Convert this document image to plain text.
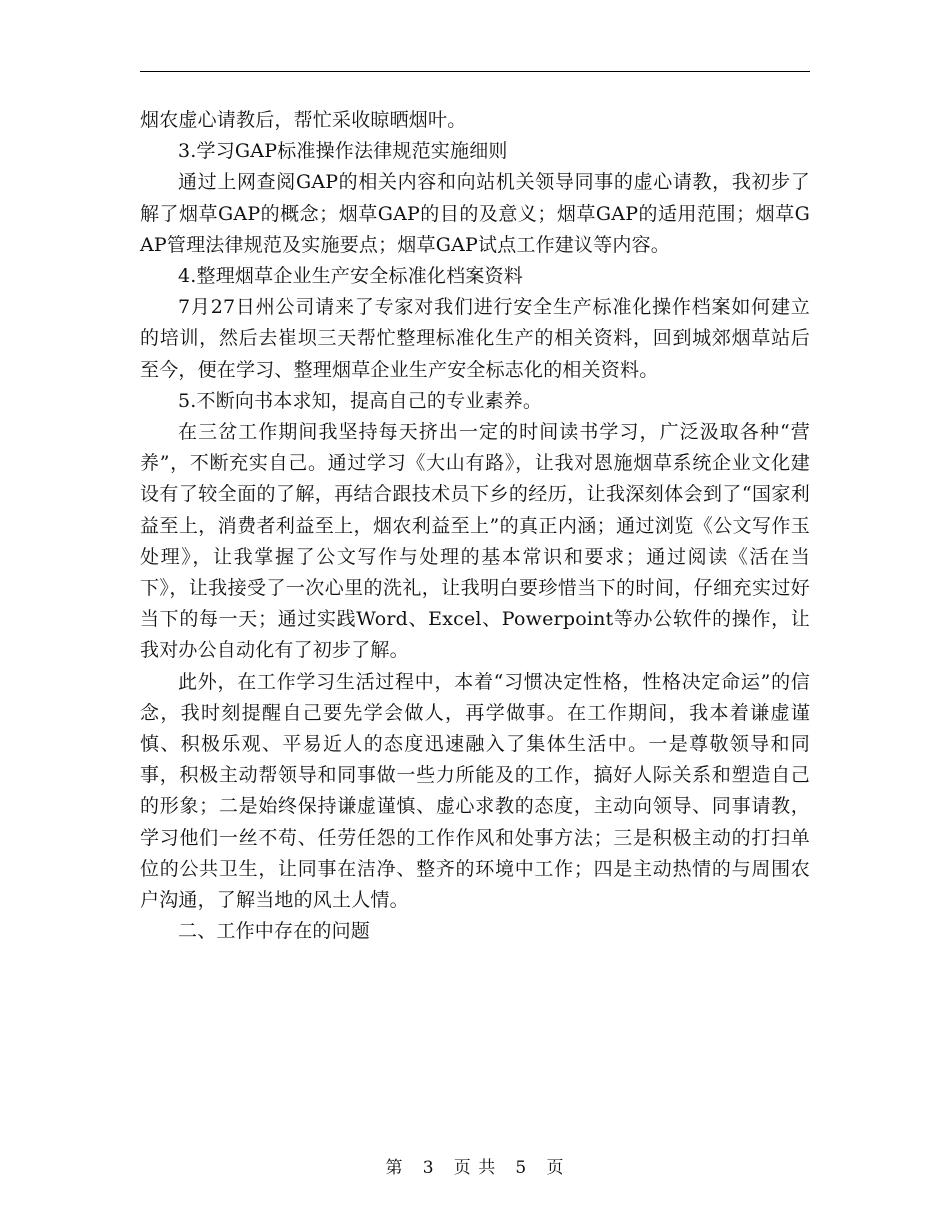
烟农虚心请教后，帮忙采收晾晒烟叶。

3.学习GAP标准操作法律规范实施细则

通过上网查阅GAP的相关内容和向站机关领导同事的虚心请教，我初步了解了烟草GAP的概念；烟草GAP的目的及意义；烟草GAP的适用范围；烟草GAP管理法律规范及实施要点；烟草GAP试点工作建议等内容。

4.整理烟草企业生产安全标准化档案资料

7月27日州公司请来了专家对我们进行安全生产标准化操作档案如何建立的培训，然后去崔坝三天帮忙整理标准化生产的相关资料，回到城郊烟草站后至今，便在学习、整理烟草企业生产安全标志化的相关资料。

5.不断向书本求知，提高自己的专业素养。

在三岔工作期间我坚持每天挤出一定的时间读书学习，广泛汲取各种“营养”，不断充实自己。通过学习《大山有路》，让我对恩施烟草系统企业文化建设有了较全面的了解，再结合跟技术员下乡的经历，让我深刻体会到了“国家利益至上，消费者利益至上，烟农利益至上”的真正内涵；通过浏览《公文写作玉处理》，让我掌握了公文写作与处理的基本常识和要求；通过阅读《活在当下》，让我接受了一次心里的洗礼，让我明白要珍惜当下的时间，仔细充实过好当下的每一天；通过实践Word、Excel、Powerpoint等办公软件的操作，让我对办公自动化有了初步了解。

此外，在工作学习生活过程中，本着“习惯决定性格，性格决定命运”的信念，我时刻提醒自己要先学会做人，再学做事。在工作期间，我本着谦虚谨慎、积极乐观、平易近人的态度迅速融入了集体生活中。一是尊敬领导和同事，积极主动帮领导和同事做一些力所能及的工作，搞好人际关系和塑造自己的形象；二是始终保持谦虚谨慎、虚心求教的态度，主动向领导、同事请教，学习他们一丝不苟、任劳任怨的工作作风和处事方法；三是积极主动的打扫单位的公共卫生，让同事在洁净、整齐的环境中工作；四是主动热情的与周围农户沟通，了解当地的风土人情。

二、工作中存在的问题

第 3 页 共 5 页
